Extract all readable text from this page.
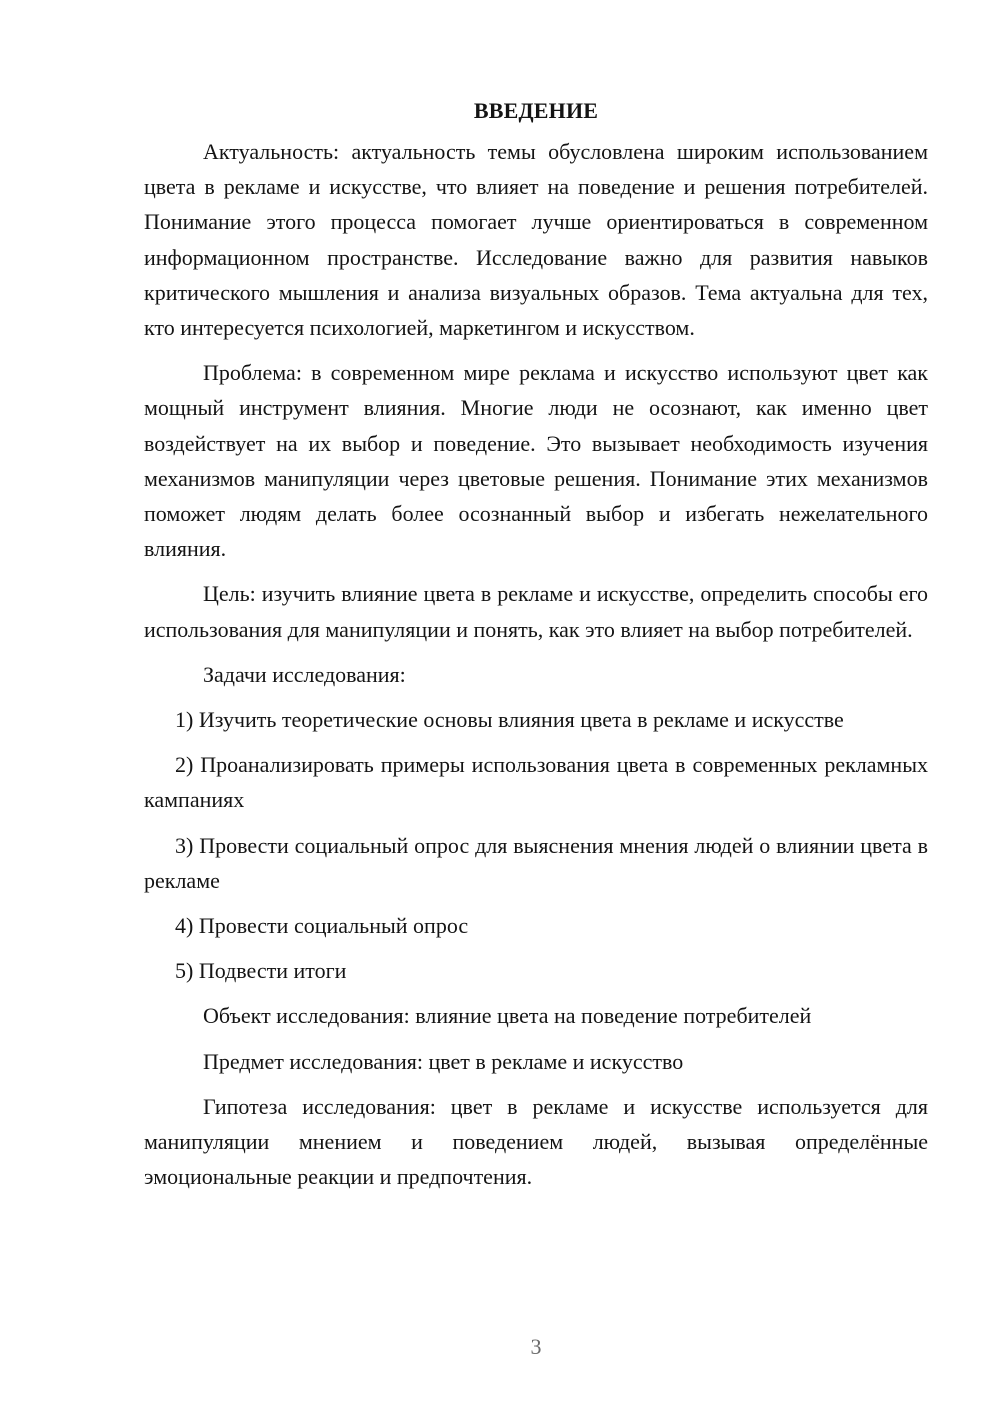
ВВЕДЕНИЕ

Актуальность: актуальность темы обусловлена широким использованием цвета в рекламе и искусстве, что влияет на поведение и решения потребителей. Понимание этого процесса помогает лучше ориентироваться в современном информационном пространстве. Исследование важно для развития навыков критического мышления и анализа визуальных образов. Тема актуальна для тех, кто интересуется психологией, маркетингом и искусством.

Проблема: в современном мире реклама и искусство используют цвет как мощный инструмент влияния. Многие люди не осознают, как именно цвет воздействует на их выбор и поведение. Это вызывает необходимость изучения механизмов манипуляции через цветовые решения. Понимание этих механизмов поможет людям делать более осознанный выбор и избегать нежелательного влияния.

Цель: изучить влияние цвета в рекламе и искусстве, определить способы его использования для манипуляции и понять, как это влияет на выбор потребителей.

Задачи исследования:

1) Изучить теоретические основы влияния цвета в рекламе и искусстве

2) Проанализировать примеры использования цвета в современных рекламных кампаниях

3) Провести социальный опрос для выяснения мнения людей о влиянии цвета в рекламе

4) Провести социальный опрос

5) Подвести итоги

Объект исследования: влияние цвета на поведение потребителей

Предмет исследования: цвет в рекламе и искусство

Гипотеза исследования: цвет в рекламе и искусстве используется для манипуляции мнением и поведением людей, вызывая определённые эмоциональные реакции и предпочтения.

3
